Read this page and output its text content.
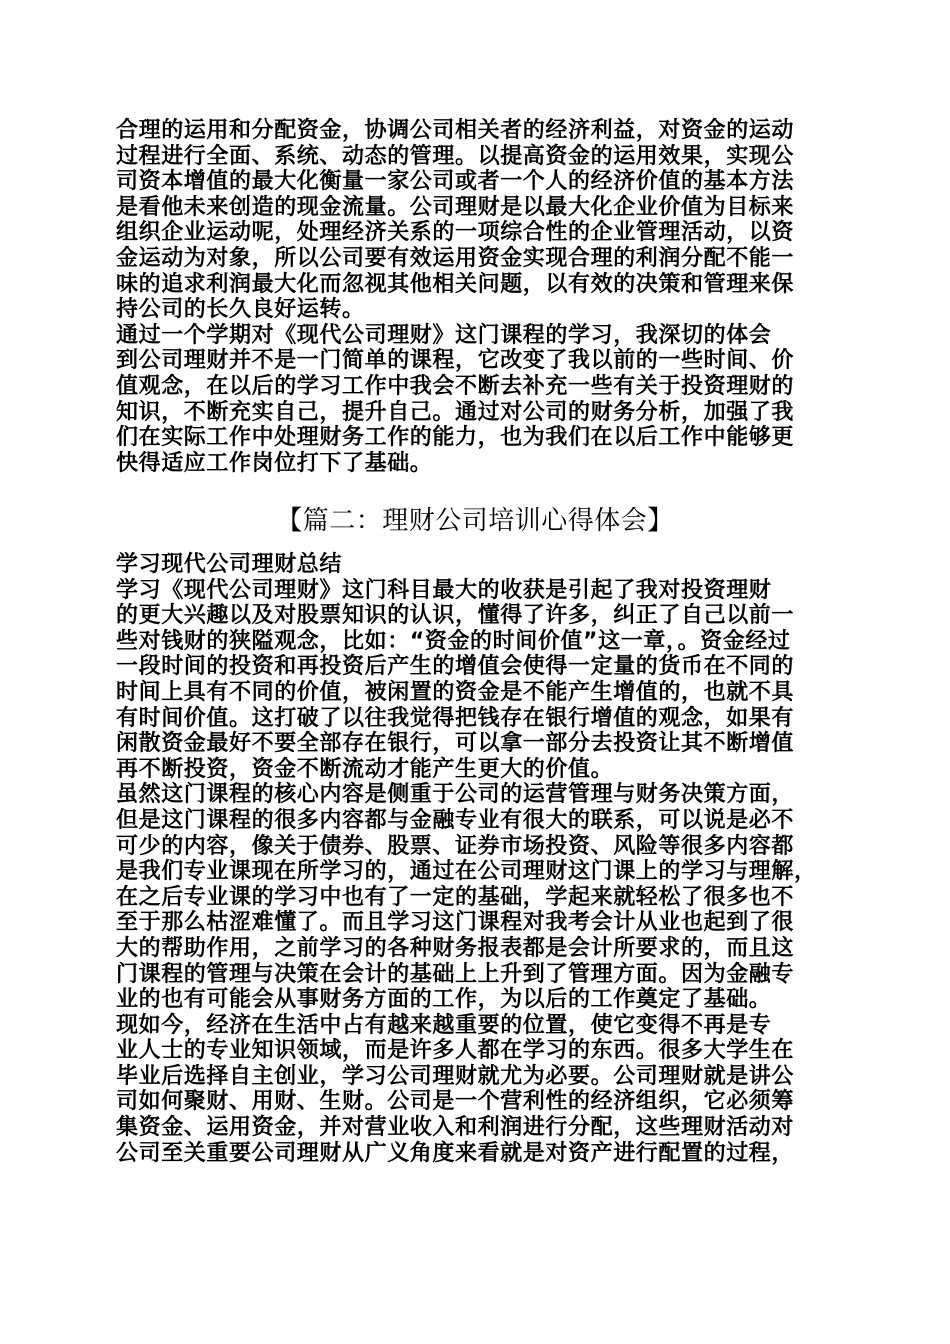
合理的运用和分配资金，协调公司相关者的经济利益，对资金的运动
过程进行全面、系统、动态的管理。以提高资金的运用效果，实现公
司资本增值的最大化衡量一家公司或者一个人的经济价值的基本方法
是看他未来创造的现金流量。公司理财是以最大化企业价值为目标来
组织企业运动呢，处理经济关系的一项综合性的企业管理活动，以资
金运动为对象，所以公司要有效运用资金实现合理的利润分配不能一
味的追求利润最大化而忽视其他相关问题，以有效的决策和管理来保
持公司的长久良好运转。
通过一个学期对《现代公司理财》这门课程的学习，我深切的体会
到公司理财并不是一门简单的课程，它改变了我以前的一些时间、价
值观念，在以后的学习工作中我会不断去补充一些有关于投资理财的
知识，不断充实自己，提升自己。通过对公司的财务分析，加强了我
们在实际工作中处理财务工作的能力，也为我们在以后工作中能够更
快得适应工作岗位打下了基础。
【篇二：理财公司培训心得体会】
学习现代公司理财总结
学习《现代公司理财》这门科目最大的收获是引起了我对投资理财
的更大兴趣以及对股票知识的认识，懂得了许多，纠正了自己以前一
些对钱财的狭隘观念，比如：“资金的时间价值”这一章，。资金经过
一段时间的投资和再投资后产生的增值会使得一定量的货币在不同的
时间上具有不同的价值，被闲置的资金是不能产生增值的，也就不具
有时间价值。这打破了以往我觉得把钱存在银行增值的观念，如果有
闲散资金最好不要全部存在银行，可以拿一部分去投资让其不断增值
再不断投资，资金不断流动才能产生更大的价值。
虽然这门课程的核心内容是侧重于公司的运营管理与财务决策方面，
但是这门课程的很多内容都与金融专业有很大的联系，可以说是必不
可少的内容，像关于债券、股票、证券市场投资、风险等很多内容都
是我们专业课现在所学习的，通过在公司理财这门课上的学习与理解，
在之后专业课的学习中也有了一定的基础，学起来就轻松了很多也不
至于那么枯涩难懂了。而且学习这门课程对我考会计从业也起到了很
大的帮助作用，之前学习的各种财务报表都是会计所要求的，而且这
门课程的管理与决策在会计的基础上上升到了管理方面。因为金融专
业的也有可能会从事财务方面的工作，为以后的工作奠定了基础。
现如今，经济在生活中占有越来越重要的位置，使它变得不再是专
业人士的专业知识领域，而是许多人都在学习的东西。很多大学生在
毕业后选择自主创业，学习公司理财就尤为必要。公司理财就是讲公
司如何聚财、用财、生财。公司是一个营利性的经济组织，它必须筹
集资金、运用资金，并对营业收入和利润进行分配，这些理财活动对
公司至关重要公司理财从广义角度来看就是对资产进行配置的过程，
